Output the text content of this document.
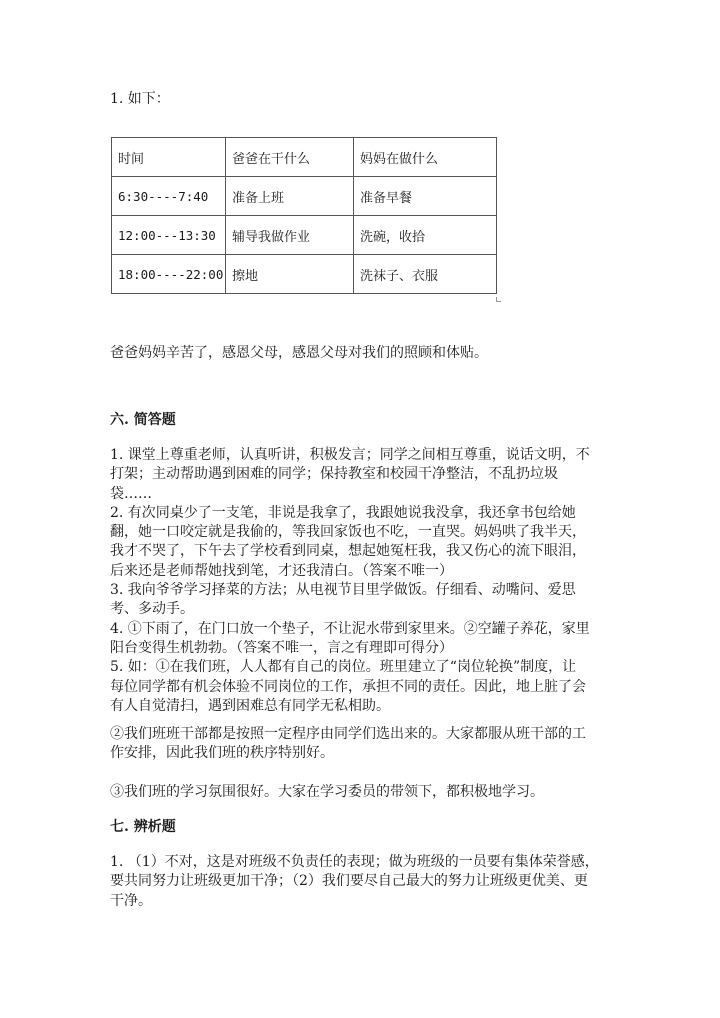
1. 如下：
时间	爸爸在干什么	妈妈在做什么
6:30----7:40	准备上班	准备早餐
12:00---13:30	辅导我做作业	洗碗，收拾
18:00----22:00	擦地	洗袜子、衣服
爸爸妈妈辛苦了，感恩父母，感恩父母对我们的照顾和体贴。
六. 简答题

1. 课堂上尊重老师，认真听讲，积极发言；同学之间相互尊重，说话文明，不

打架；主动帮助遇到困难的同学；保持教室和校园干净整洁，不乱扔垃圾

袋……

2. 有次同桌少了一支笔，非说是我拿了，我跟她说我没拿，我还拿书包给她

翻，她一口咬定就是我偷的，等我回家饭也不吃，一直哭。妈妈哄了我半天，

我才不哭了，下午去了学校看到同桌，想起她冤枉我，我又伤心的流下眼泪，

后来还是老师帮她找到笔，才还我清白。（答案不唯一）

3. 我向爷爷学习择菜的方法；从电视节目里学做饭。仔细看、动嘴问、爱思

考、多动手。

4. ①下雨了，在门口放一个垫子，不让泥水带到家里来。②空罐子养花，家里

阳台变得生机勃勃。（答案不唯一，言之有理即可得分）

5. 如：①在我们班，人人都有自己的岗位。班里建立了“岗位轮换”制度，让

每位同学都有机会体验不同岗位的工作，承担不同的责任。因此，地上脏了会

有人自觉清扫，遇到困难总有同学无私相助。

②我们班班干部都是按照一定程序由同学们选出来的。大家都服从班干部的工

作安排，因此我们班的秩序特别好。

③我们班的学习氛围很好。大家在学习委员的带领下，都积极地学习。
七. 辨析题

1. （1）不对，这是对班级不负责任的表现；做为班级的一员要有集体荣誉感，

要共同努力让班级更加干净；（2）我们要尽自己最大的努力让班级更优美、更

干净。
